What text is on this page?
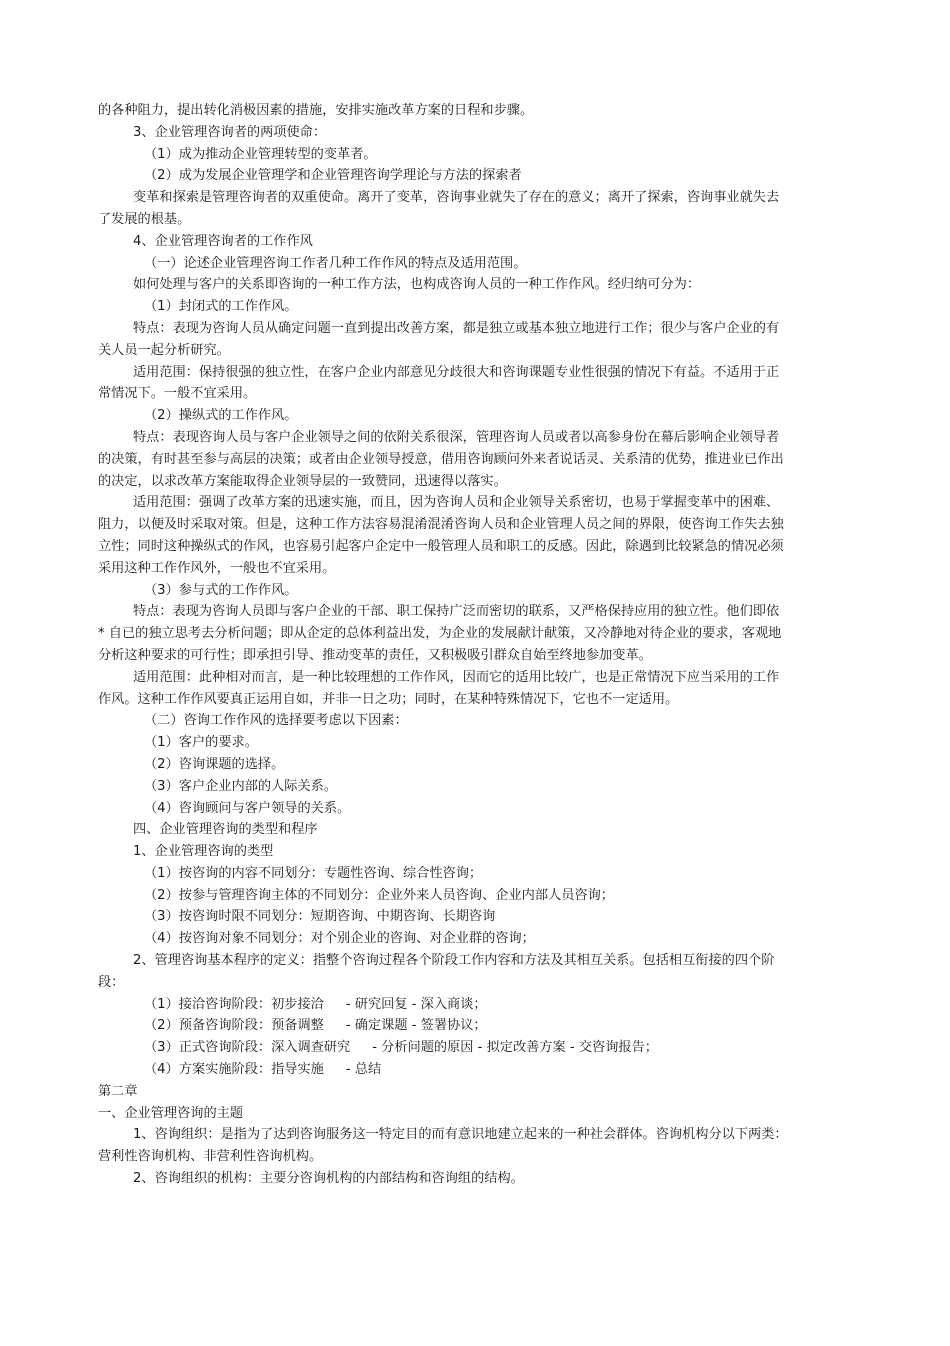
的各种阻力，提出转化消极因素的措施，安排实施改革方案的日程和步骤。

3、企业管理咨询者的两项使命：

（1）成为推动企业管理转型的变革者。

（2）成为发展企业管理学和企业管理咨询学理论与方法的探索者

变革和探索是管理咨询者的双重使命。离开了变革，咨询事业就失了存在的意义；离开了探索，咨询事业就失去了发展的根基。

4、企业管理咨询者的工作作风

（一）论述企业管理咨询工作者几种工作作风的特点及适用范围。

如何处理与客户的关系即咨询的一种工作方法，也构成咨询人员的一种工作作风。经归纳可分为：

（1）封闭式的工作作风。

特点：表现为咨询人员从确定问题一直到提出改善方案，都是独立或基本独立地进行工作；很少与客户企业的有关人员一起分析研究。

适用范围：保持很强的独立性，在客户企业内部意见分歧很大和咨询课题专业性很强的情况下有益。不适用于正常情况下。一般不宜采用。

（2）操纵式的工作作风。

特点：表现咨询人员与客户企业领导之间的依附关系很深，管理咨询人员或者以高参身份在幕后影响企业领导者的决策，有时甚至参与高层的决策；或者由企业领导授意，借用咨询顾问外来者说话灵、关系清的优势，推进业已作出的决定，以求改革方案能取得企业领导层的一致赞同，迅速得以落实。

适用范围：强调了改革方案的迅速实施，而且，因为咨询人员和企业领导关系密切，也易于掌握变革中的困难、阻力，以便及时采取对策。但是，这种工作方法容易混淆混淆咨询人员和企业管理人员之间的界限，使咨询工作失去独立性；同时这种操纵式的作风，也容易引起客户企定中一般管理人员和职工的反感。因此，除遇到比较紧急的情况必须采用这种工作作风外，一般也不宜采用。

（3）参与式的工作作风。

特点：表现为咨询人员即与客户企业的干部、职工保持广泛而密切的联系，又严格保持应用的独立性。他们即依 * 自已的独立思考去分析问题；即从企定的总体利益出发，为企业的发展献计献策，又冷静地对待企业的要求，客观地分析这种要求的可行性；即承担引导、推动变革的责任，又积极吸引群众自始至终地参加变革。

适用范围：此种相对而言，是一种比较理想的工作作风，因而它的适用比较广，也是正常情况下应当采用的工作作风。这种工作作风要真正运用自如，并非一日之功；同时，在某种特殊情况下，它也不一定适用。

（二）咨询工作作风的选择要考虑以下因素：

（1）客户的要求。

（2）咨询课题的选择。

（3）客户企业内部的人际关系。

（4）咨询顾问与客户领导的关系。

四、企业管理咨询的类型和程序

1、企业管理咨询的类型

（1）按咨询的内容不同划分：专题性咨询、综合性咨询；

（2）按参与管理咨询主体的不同划分：企业外来人员咨询、企业内部人员咨询；

（3）按咨询时限不同划分：短期咨询、中期咨询、长期咨询

（4）按咨询对象不同划分：对个别企业的咨询、对企业群的咨询；

2、管理咨询基本程序的定义：指整个咨询过程各个阶段工作内容和方法及其相互关系。包括相互衔接的四个阶段：

（1）接洽咨询阶段：初步接洽 - 研究回复 - 深入商谈；

（2）预备咨询阶段：预备调整 - 确定课题 - 签署协议；

（3）正式咨询阶段：深入调查研究 - 分析问题的原因 - 拟定改善方案 - 交咨询报告；

（4）方案实施阶段：指导实施 - 总结

第二章

一、企业管理咨询的主题

1、咨询组织：是指为了达到咨询服务这一特定目的而有意识地建立起来的一种社会群体。咨询机构分以下两类：营利性咨询机构、非营利性咨询机构。

2、咨询组织的机构：主要分咨询机构的内部结构和咨询组的结构。
